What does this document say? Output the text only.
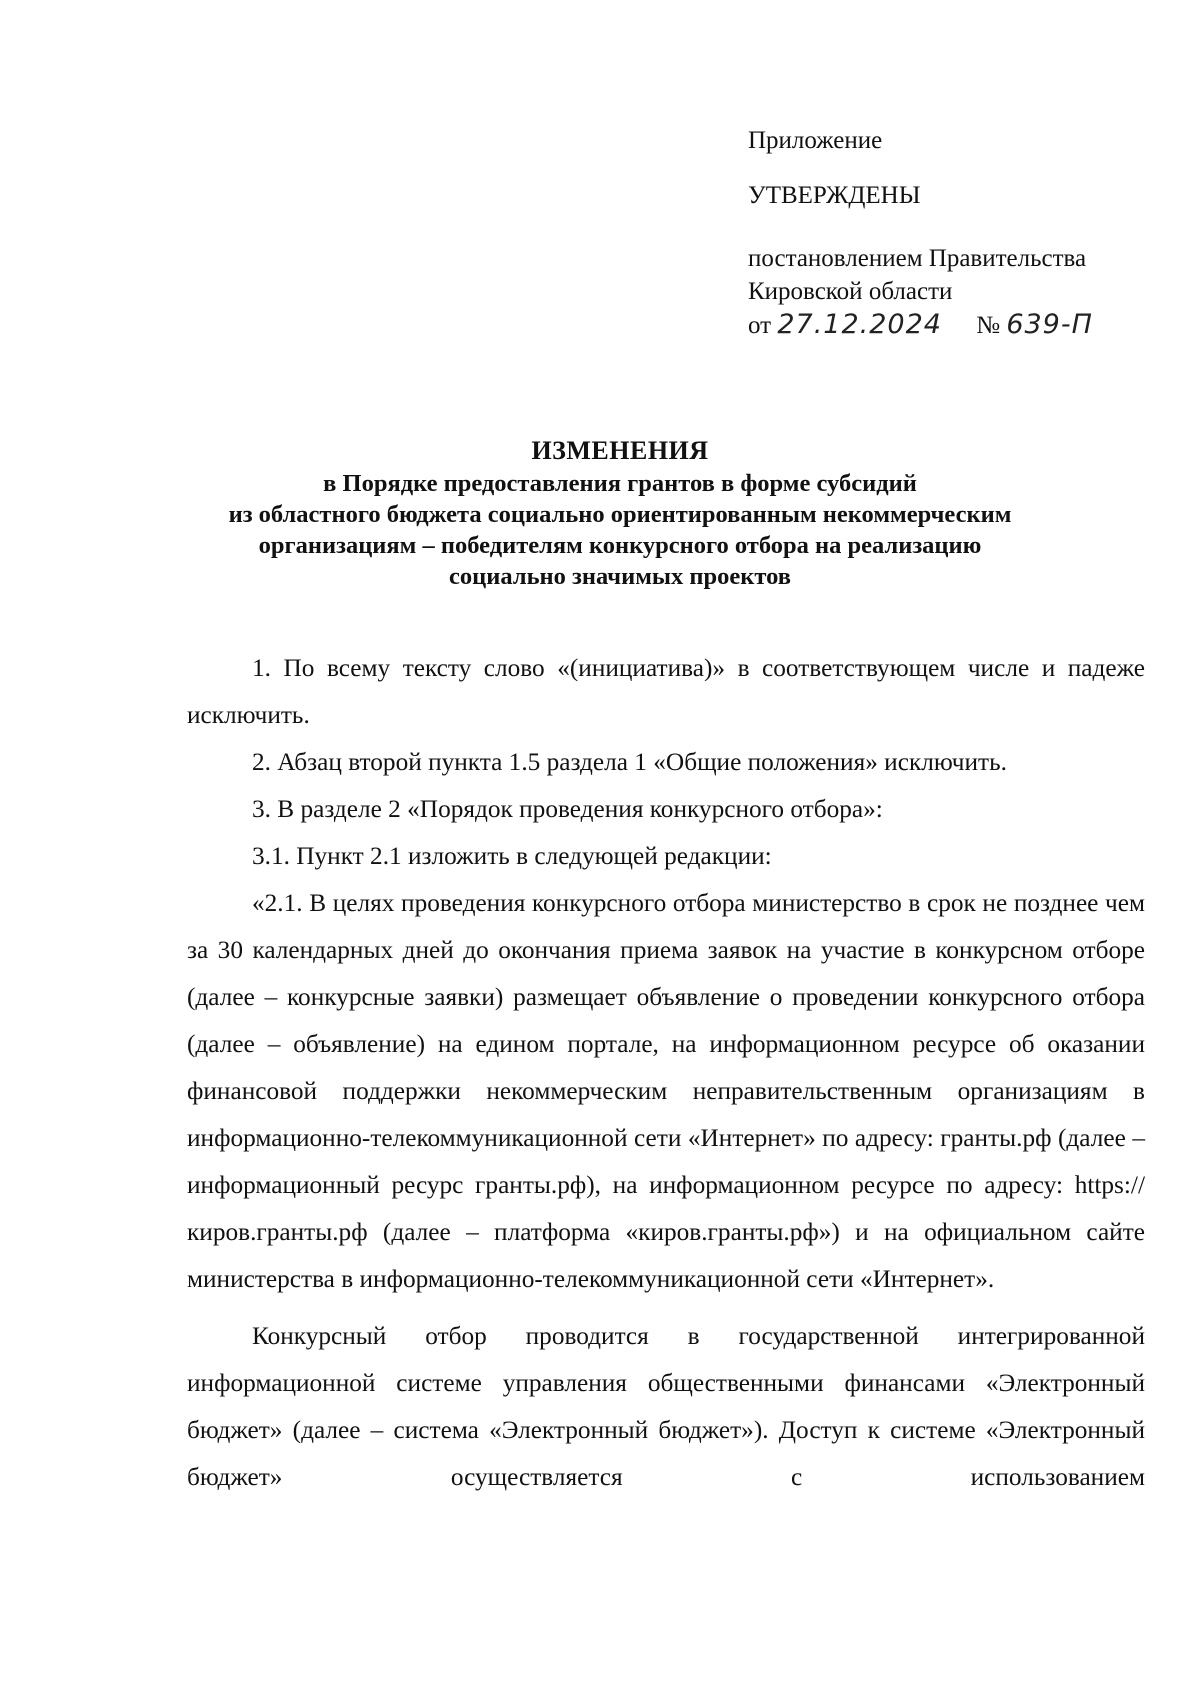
Приложение
УТВЕРЖДЕНЫ
постановлением Правительства
Кировской области
от 27.12.2024 № 639-П
ИЗМЕНЕНИЯ
в Порядке предоставления грантов в форме субсидий
из областного бюджета социально ориентированным некоммерческим
организациям – победителям конкурсного отбора на реализацию
социально значимых проектов

1. По всему тексту слово «(инициатива)» в соответствующем числе и падеже исключить.

2. Абзац второй пункта 1.5 раздела 1 «Общие положения» исключить.

3. В разделе 2 «Порядок проведения конкурсного отбора»:

3.1. Пункт 2.1 изложить в следующей редакции:

«2.1. В целях проведения конкурсного отбора министерство в срок не позднее чем за 30 календарных дней до окончания приема заявок на участие в конкурсном отборе (далее – конкурсные заявки) размещает объявление о проведении конкурсного отбора (далее – объявление) на едином портале, на информационном ресурсе об оказании финансовой поддержки некоммерческим неправительственным организациям в информационно-телекоммуникационной сети «Интернет» по адресу: гранты.рф (далее – информационный ресурс гранты.рф), на информационном ресурсе по адресу: https://киров.гранты.рф (далее – платформа «киров.гранты.рф») и на официальном сайте министерства в информационно-телекоммуникационной сети «Интернет».

Конкурсный отбор проводится в государственной интегрированной информационной системе управления общественными финансами «Электронный бюджет» (далее – система «Электронный бюджет»). Доступ к системе «Электронный бюджет» осуществляется с использованием
